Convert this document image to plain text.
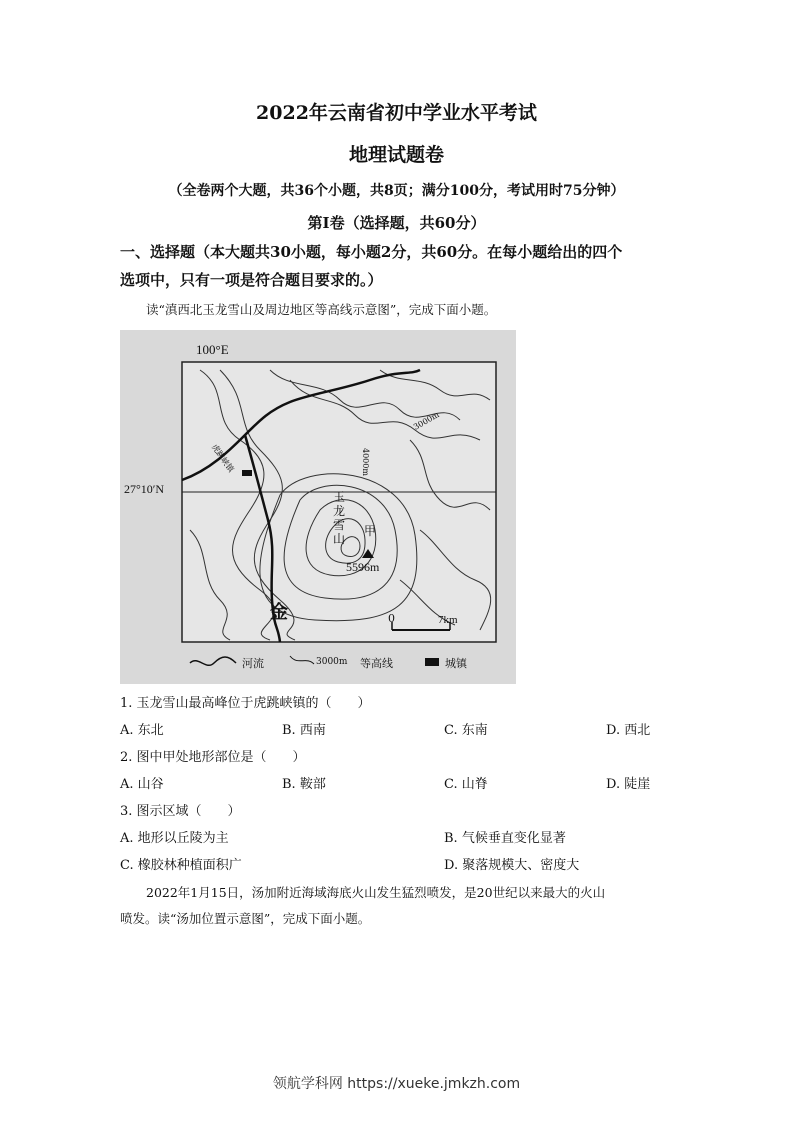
2022年云南省初中学业水平考试
地理试题卷
（全卷两个大题，共36个小题，共8页；满分100分，考试用时75分钟）
第Ⅰ卷（选择题，共60分）
一、选择题（本大题共30小题，每小题2分，共60分。在每小题给出的四个
选项中，只有一项是符合题目要求的。）
读“滇西北玉龙雪山及周边地区等高线示意图”，完成下面小题。
100°E
27°10′N
金
玉
龙
雪
山
甲
5596m
虎跳峡镇	4000m
3000m
0	7km
河流	3000m 等高线	城镇
1. 玉龙雪山最高峰位于虎跳峡镇的（　　）
A. 东北	B. 西南	C. 东南	D. 西北
2. 图中甲处地形部位是（　　）
A. 山谷	B. 鞍部	C. 山脊	D. 陡崖
3. 图示区域（　　）
A. 地形以丘陵为主	B. 气候垂直变化显著
C. 橡胶林种植面积广	D. 聚落规模大、密度大
2022年1月15日，汤加附近海域海底火山发生猛烈喷发，是20世纪以来最大的火山
喷发。读“汤加位置示意图”，完成下面小题。
领航学科网 https://xueke.jmkzh.com
